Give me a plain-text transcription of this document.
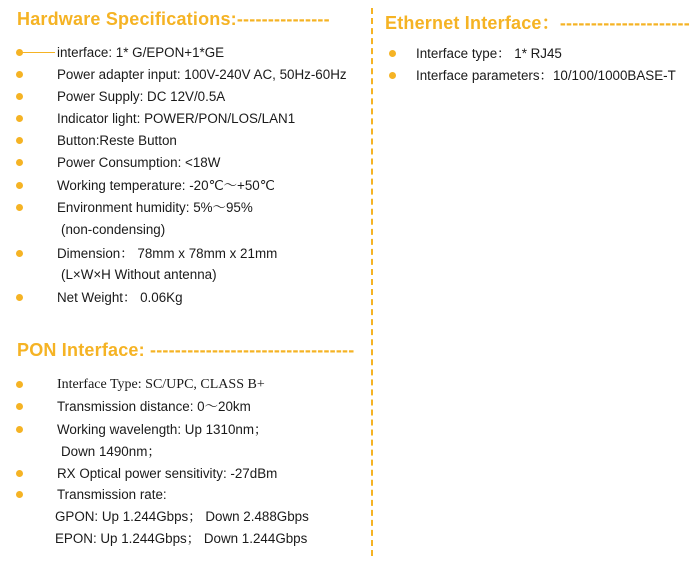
Hardware Specifications:---------------
interface: 1* G/EPON+1*GE
Power adapter input: 100V-240V AC, 50Hz-60Hz
Power Supply: DC 12V/0.5A
Indicator light: POWER/PON/LOS/LAN1
Button:Reste Button
Power Consumption: <18W
Working temperature: -20℃～+50℃
Environment humidity: 5%～95%
(non-condensing)
Dimension： 78mm x 78mm x 21mm
(L×W×H Without antenna)
Net Weight： 0.06Kg
PON Interface: ---------------------------------
Interface Type: SC/UPC, CLASS B+
Transmission distance: 0～20km
Working wavelength: Up 1310nm；
Down 1490nm；
RX Optical power sensitivity: -27dBm
Transmission rate:
GPON: Up 1.244Gbps； Down 2.488Gbps
EPON: Up 1.244Gbps； Down 1.244Gbps
Ethernet Interface：---------------------
Interface type： 1* RJ45
Interface parameters：10/100/1000BASE-T
